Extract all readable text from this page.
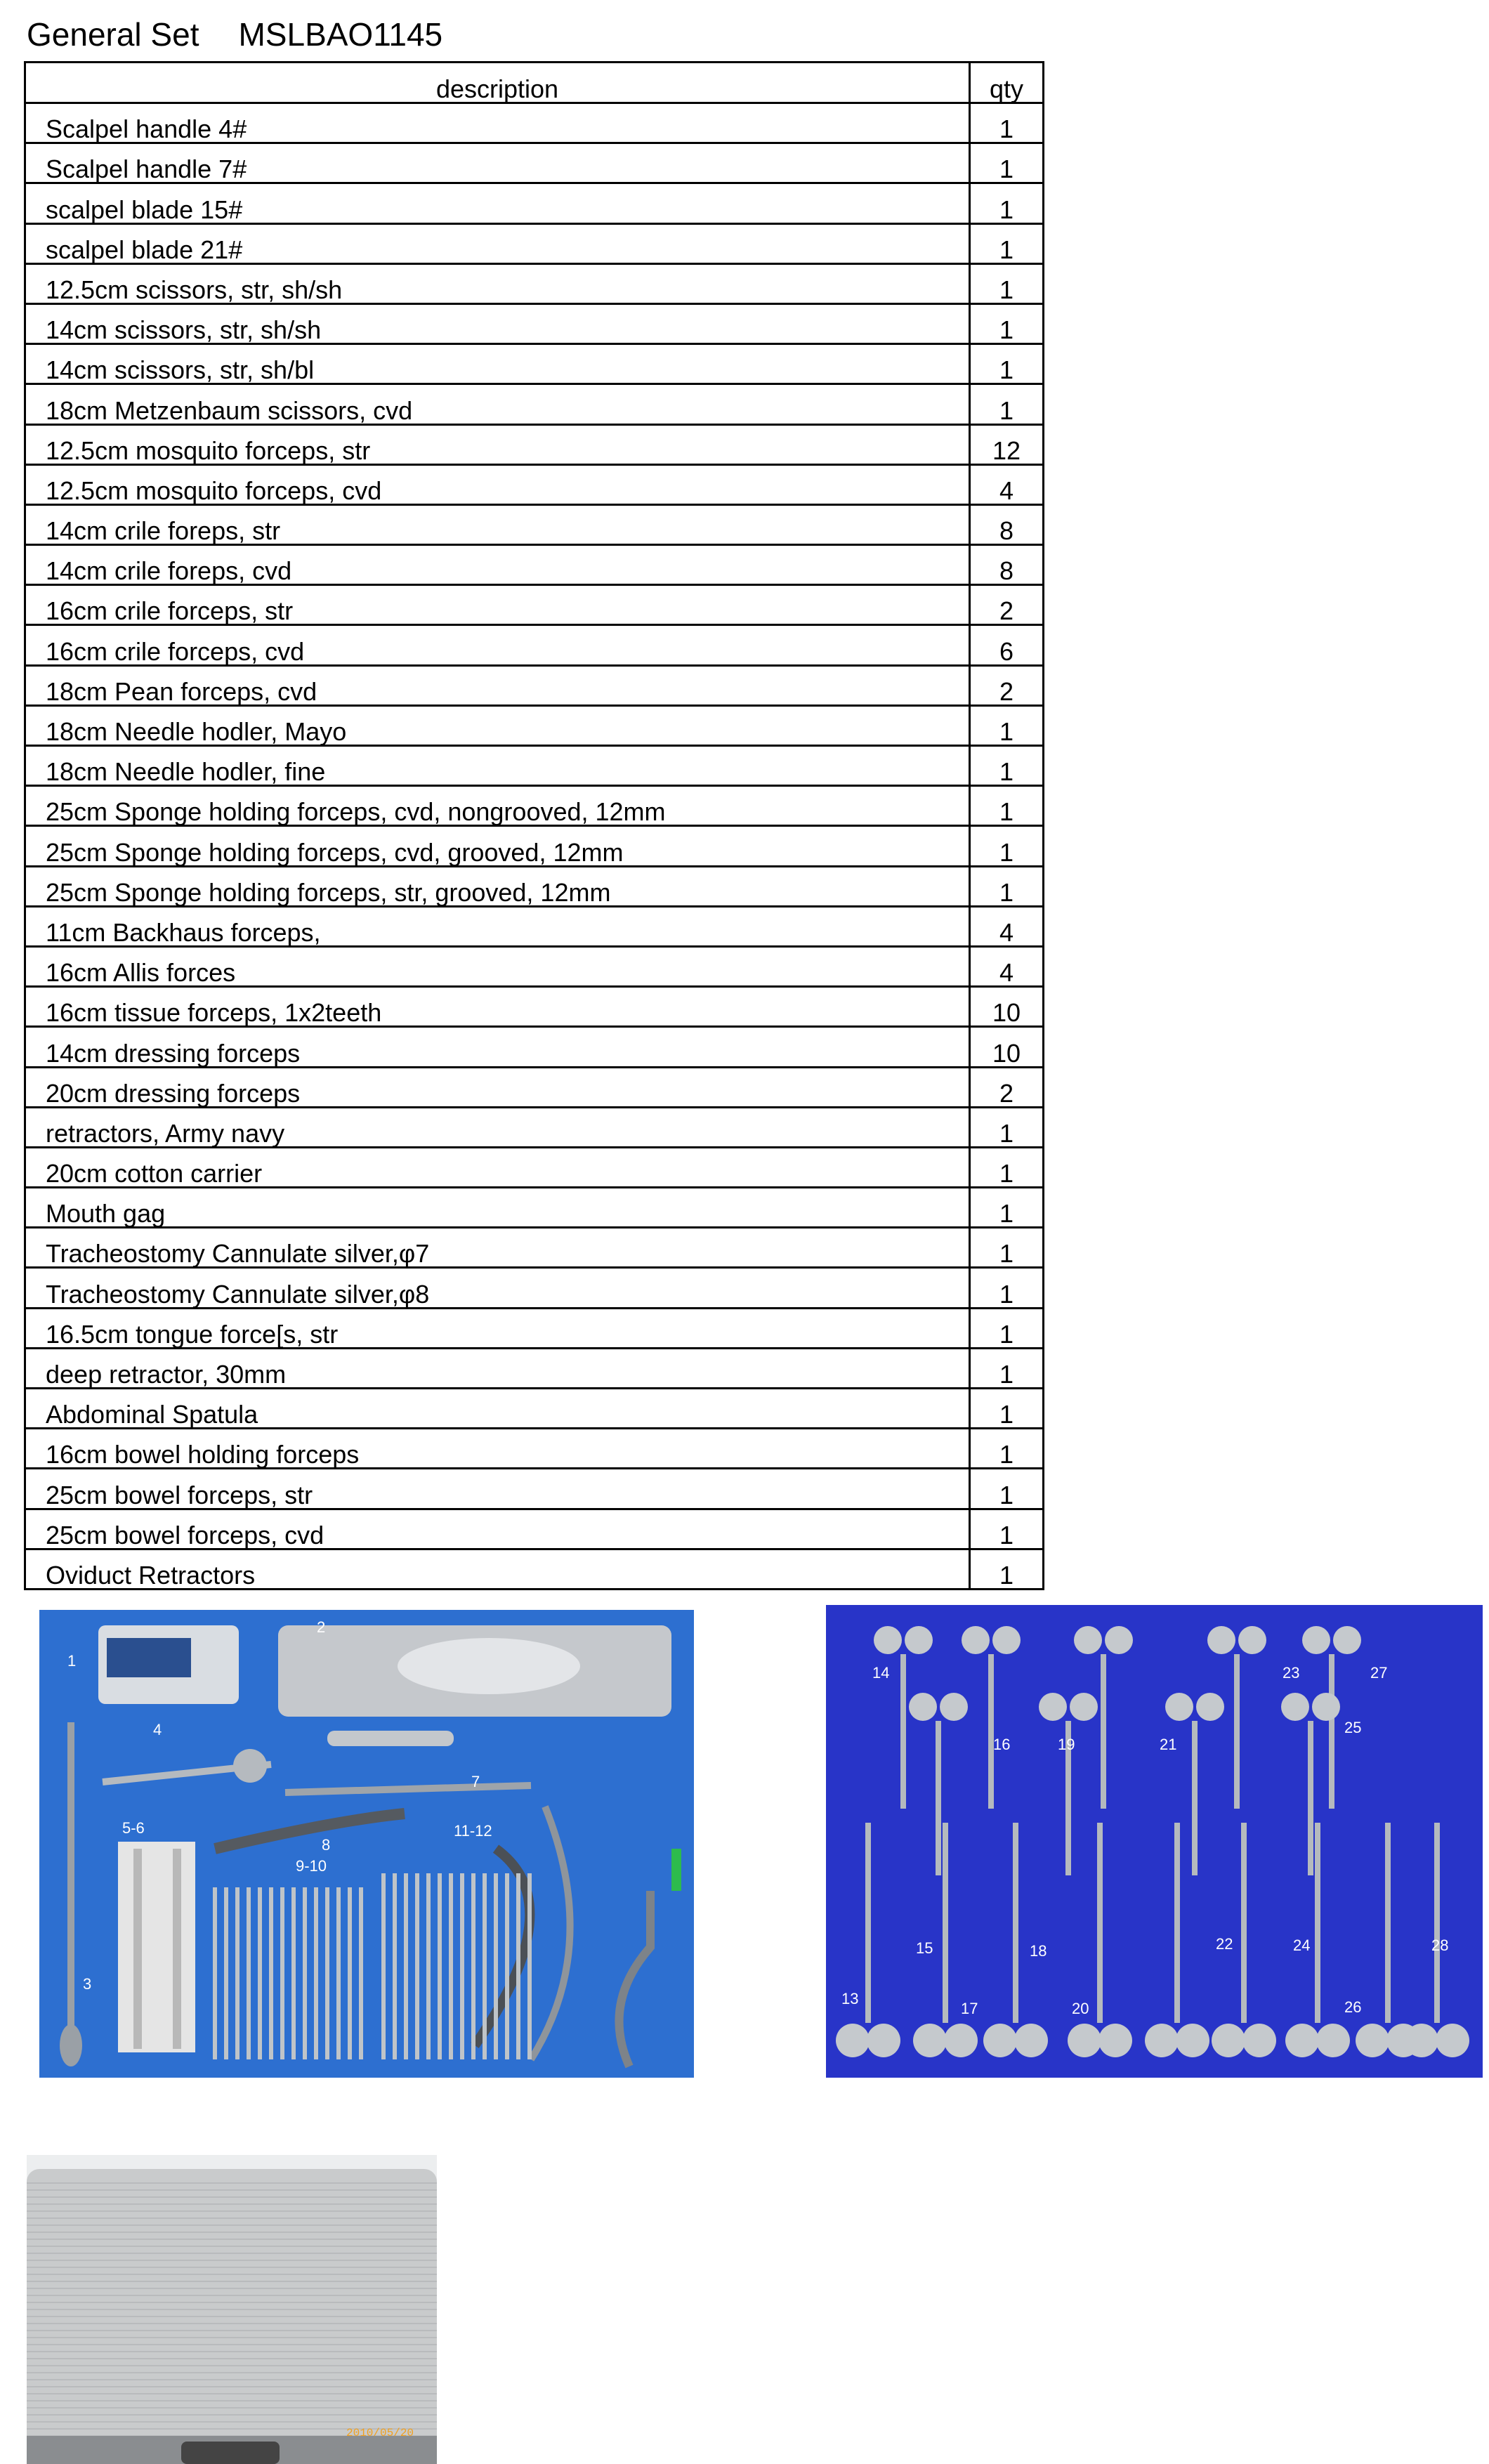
General Set MSLBAO1145
description	qty

Scalpel handle 4#	1

Scalpel handle 7#	1

scalpel blade 15#	1

scalpel blade 21#	1

12.5cm scissors, str, sh/sh	1

14cm scissors, str, sh/sh	1

14cm scissors, str, sh/bl	1

18cm Metzenbaum scissors, cvd	1

12.5cm mosquito forceps, str	12

12.5cm mosquito forceps, cvd	4

14cm crile foreps, str	8

14cm crile foreps, cvd	8

16cm crile forceps, str	2

16cm crile forceps, cvd	6

18cm Pean forceps, cvd	2

18cm Needle hodler, Mayo	1

18cm Needle hodler, fine	1

25cm Sponge holding forceps, cvd, nongrooved, 12mm	1

25cm Sponge holding forceps, cvd, grooved, 12mm	1

25cm Sponge holding forceps, str, grooved, 12mm	1

11cm Backhaus forceps,	4

16cm Allis forces	4

16cm tissue forceps, 1x2teeth	10

14cm dressing forceps	10

20cm dressing forceps	2

retractors, Army navy	1

20cm cotton carrier	1

Mouth gag	1

Tracheostomy Cannulate silver,φ7	1

Tracheostomy Cannulate silver,φ8	1

16.5cm tongue force[s, str	1

deep retractor, 30mm	1

Abdominal Spatula	1

16cm bowel holding forceps	1

25cm bowel forceps, str	1

25cm bowel forceps, cvd	1

Oviduct Retractors	1
1
2
3
4
5-6
7
8
9-10
11-12
13
14
15
16
17
18
19
20
21
22
23
24
25
26
27
28
2010/05/20
